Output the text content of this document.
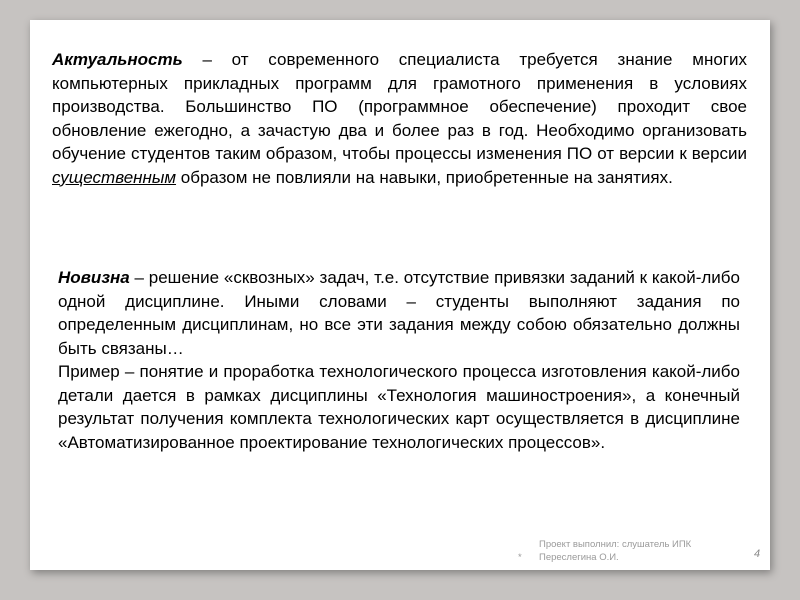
Актуальность – от современного специалиста требуется знание многих компьютерных прикладных программ для грамотного применения в условиях производства. Большинство ПО (программное обеспечение) проходит свое обновление ежегодно, а зачастую два и более раз в год. Необходимо организовать обучение студентов таким образом, чтобы процессы изменения ПО от версии к версии существенным образом не повлияли на навыки, приобретенные на занятиях.
Новизна – решение «сквозных» задач, т.е. отсутствие привязки заданий к какой-либо одной дисциплине. Иными словами – студенты выполняют задания по определенным дисциплинам, но все эти задания между собою обязательно должны быть связаны…
Пример – понятие и проработка технологического процесса изготовления какой-либо детали дается в рамках дисциплины «Технология машиностроения», а конечный результат получения комплекта технологических карт осуществляется в дисциплине «Автоматизированное проектирование технологических процессов».
*
Проект выполнил: слушатель ИПК
Переслегина О.И.	4
